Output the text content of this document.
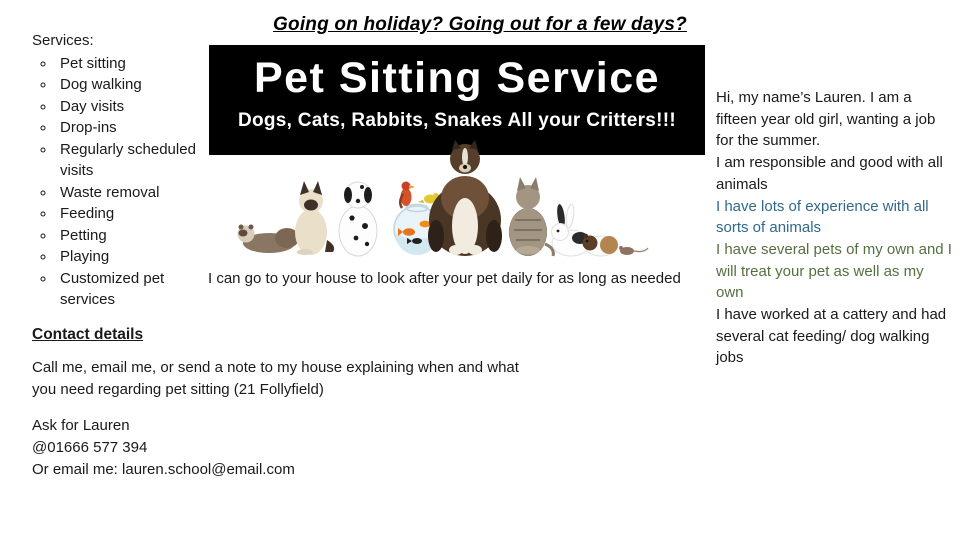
Going on holiday? Going out for a few days?
Services:
◦ Pet sitting
◦ Dog walking
◦ Day visits
◦ Drop-ins
◦ Regularly scheduled visits
◦ Waste removal
◦ Feeding
◦ Petting
◦ Playing
◦ Customized pet services
Pet Sitting Service
Dogs, Cats, Rabbits, Snakes All your Critters!!!
I can go to your house to look after your pet daily for as long as needed
Hi, my name’s Lauren. I am a fifteen year old girl, wanting a job for the summer.
I am responsible and good with all animals
I have lots of experience with all sorts of animals
I have several pets of my own and I will treat your pet as well as my own
I have worked at a cattery and had several cat feeding/ dog walking jobs
Contact details

Call me, email me, or send a note to my house explaining when and what you need regarding pet sitting (21 Follyfield)

Ask for Lauren
@01666 577 394
Or email me: lauren.school@email.com
